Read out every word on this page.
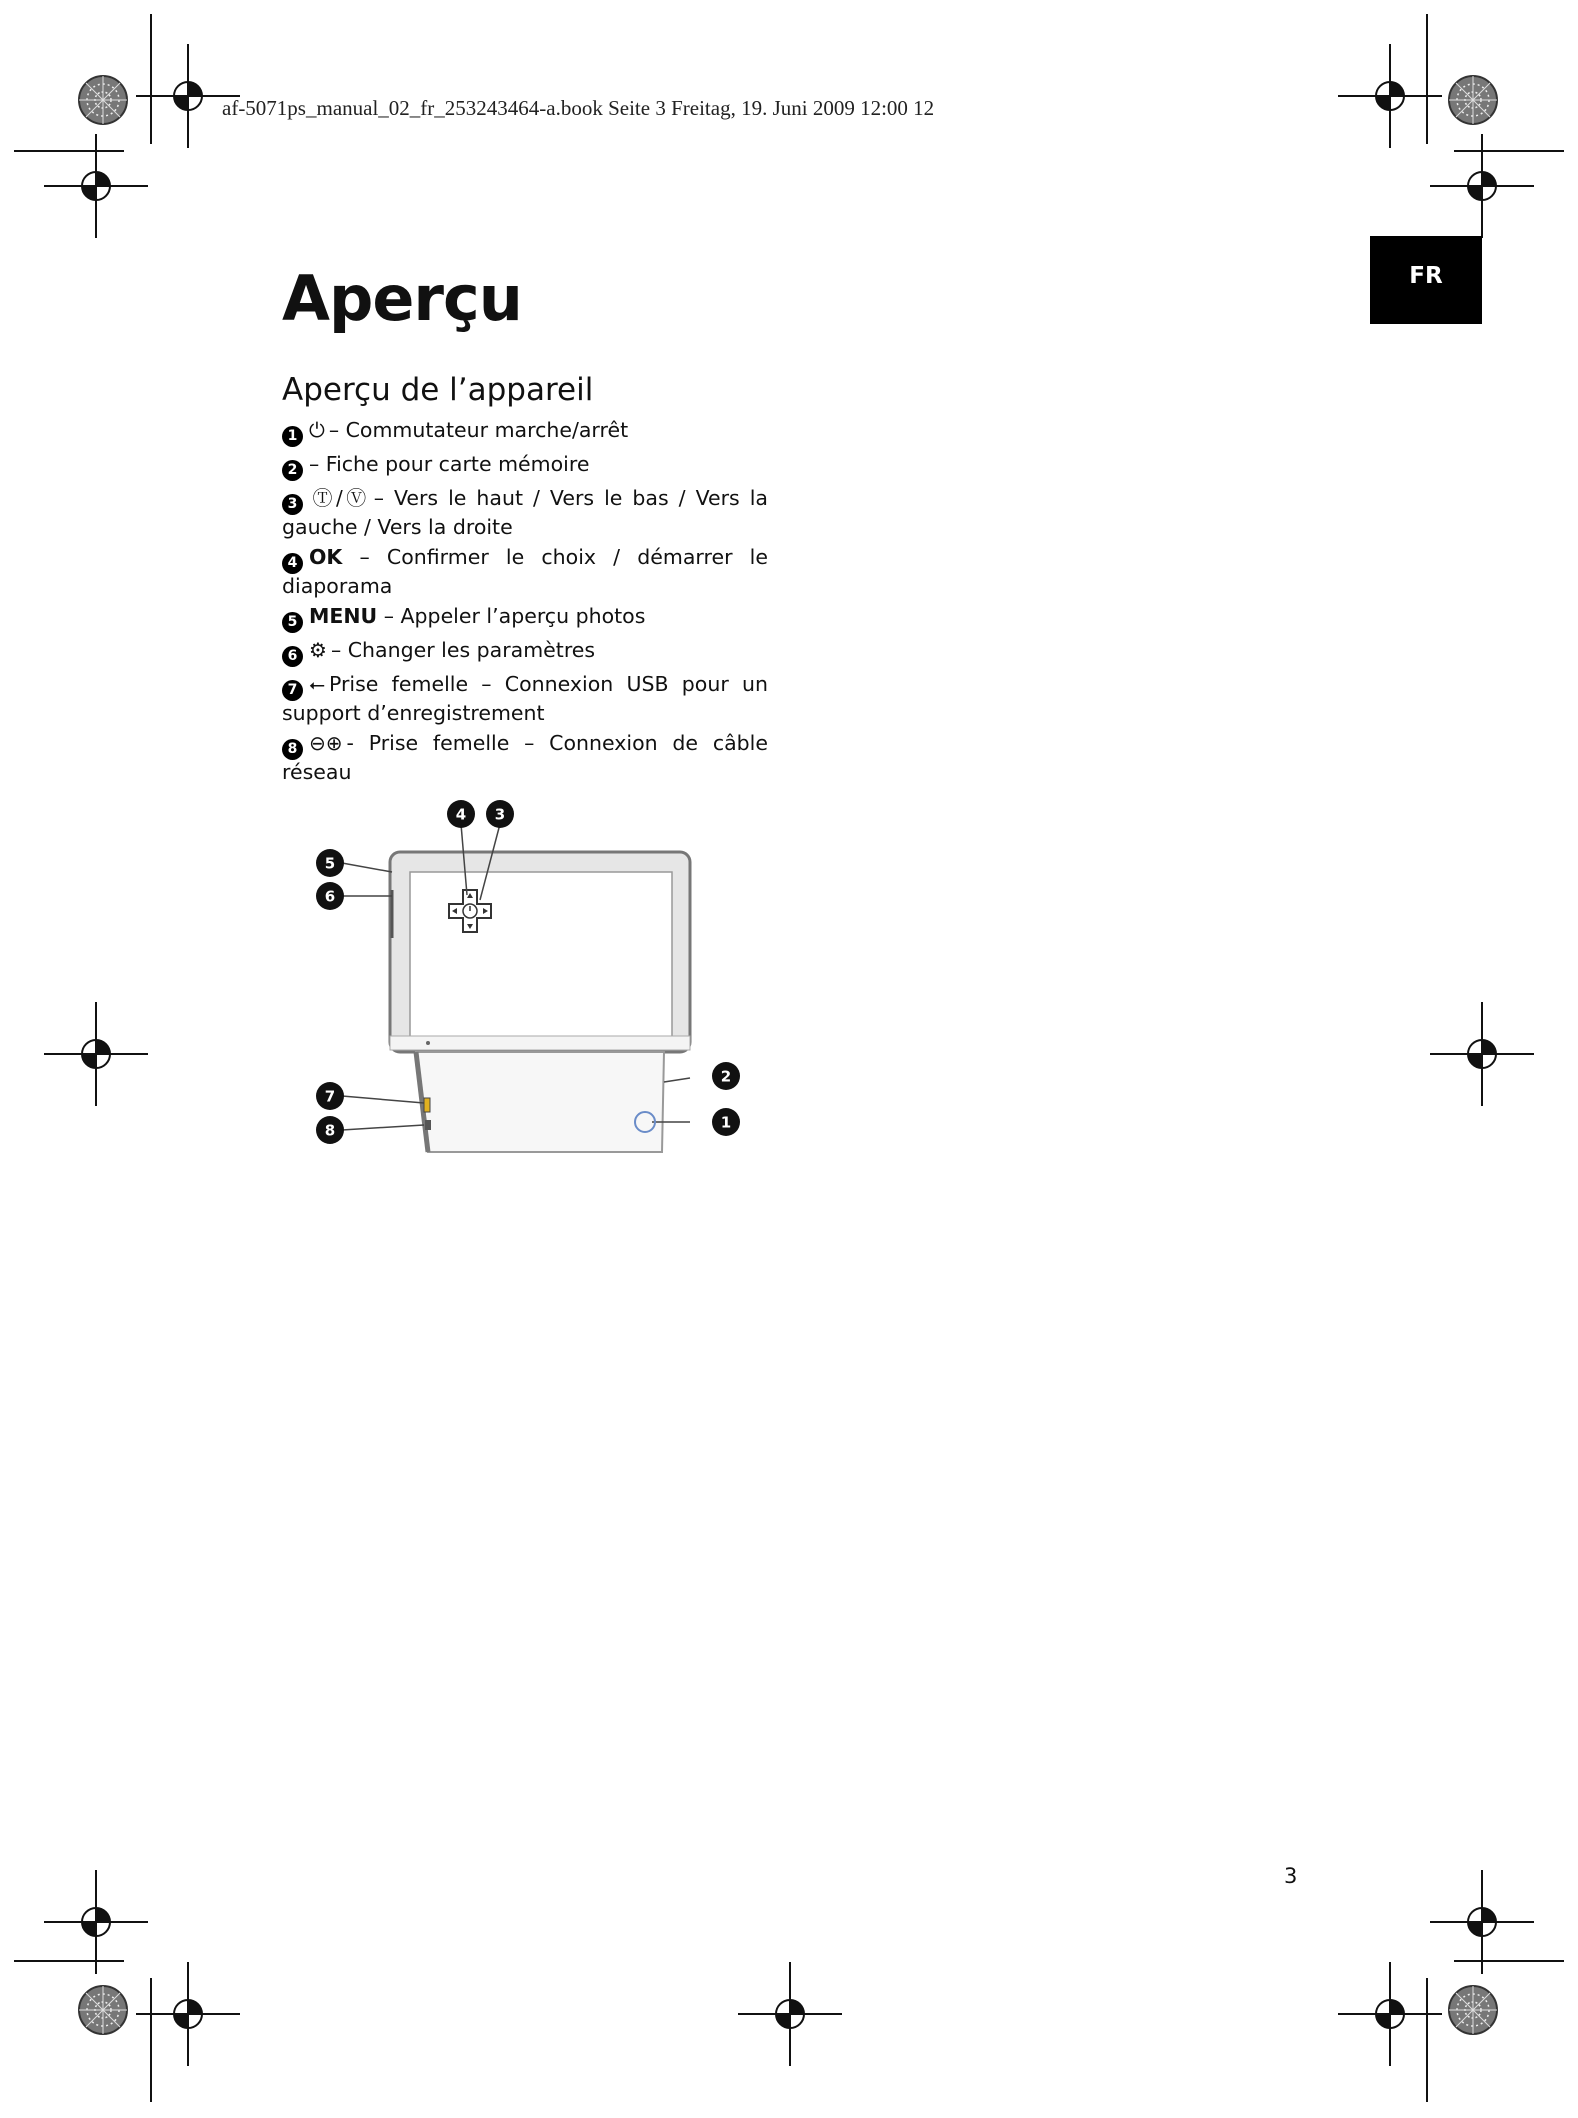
af-5071ps_manual_02_fr_253243464-a.book Seite 3 Freitag, 19. Juni 2009 12:00 12
FR
Aperçu
Aperçu de l’appareil
1 ⏻ – Commutateur marche/arrêt
2 – Fiche pour carte mémoire
3 Ⓣ/Ⓥ – Vers le haut / Vers le bas / Vers la gauche / Vers la droite
4 OK – Confirmer le choix / démarrer le diaporama
5 MENU – Appeler l’aperçu photos
6 ⚙ – Changer les paramètres
7 ⭠ Prise femelle – Connexion USB pour un support d’enregistrement
8 ⊖⊕ - Prise femelle – Connexion de câble réseau
4 3
5
6
7
8
2
1
3
